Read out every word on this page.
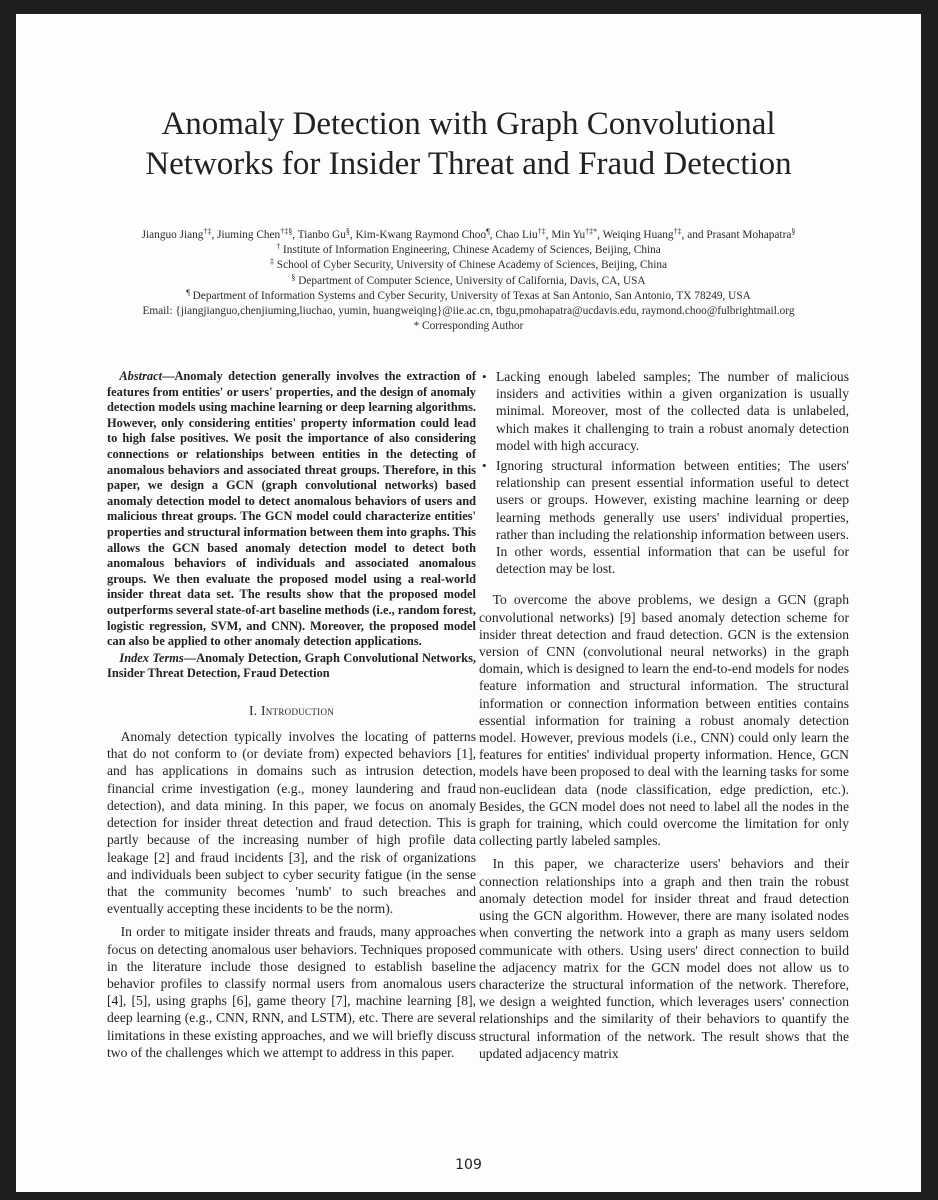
Anomaly Detection with Graph Convolutional
Networks for Insider Threat and Fraud Detection
Jianguo Jiang†‡, Jiuming Chen†‡§, Tianbo Gu§, Kim-Kwang Raymond Choo¶, Chao Liu†‡, Min Yu†‡*, Weiqing Huang†‡, and Prasant Mohapatra§
† Institute of Information Engineering, Chinese Academy of Sciences, Beijing, China
‡ School of Cyber Security, University of Chinese Academy of Sciences, Beijing, China
§ Department of Computer Science, University of California, Davis, CA, USA
¶ Department of Information Systems and Cyber Security, University of Texas at San Antonio, San Antonio, TX 78249, USA
Email: {jiangjianguo,chenjiuming,liuchao, yumin, huangweiqing}@iie.ac.cn, tbgu,pmohapatra@ucdavis.edu, raymond.choo@fulbrightmail.org
* Corresponding Author

Abstract—Anomaly detection generally involves the extraction of features from entities' or users' properties, and the design of anomaly detection models using machine learning or deep learning algorithms. However, only considering entities' property information could lead to high false positives. We posit the importance of also considering connections or relationships between entities in the detecting of anomalous behaviors and associated threat groups. Therefore, in this paper, we design a GCN (graph convolutional networks) based anomaly detection model to detect anomalous behaviors of users and malicious threat groups. The GCN model could characterize entities' properties and structural information between them into graphs. This allows the GCN based anomaly detection model to detect both anomalous behaviors of individuals and associated anomalous groups. We then evaluate the proposed model using a real-world insider threat data set. The results show that the proposed model outperforms several state-of-art baseline methods (i.e., random forest, logistic regression, SVM, and CNN). Moreover, the proposed model can also be applied to other anomaly detection applications.

Index Terms—Anomaly Detection, Graph Convolutional Networks, Insider Threat Detection, Fraud Detection

I. Introduction

Anomaly detection typically involves the locating of patterns that do not conform to (or deviate from) expected behaviors [1], and has applications in domains such as intrusion detection, financial crime investigation (e.g., money laundering and fraud detection), and data mining. In this paper, we focus on anomaly detection for insider threat detection and fraud detection. This is partly because of the increasing number of high profile data leakage [2] and fraud incidents [3], and the risk of organizations and individuals been subject to cyber security fatigue (in the sense that the community becomes 'numb' to such breaches and eventually accepting these incidents to be the norm).

In order to mitigate insider threats and frauds, many approaches focus on detecting anomalous user behaviors. Techniques proposed in the literature include those designed to establish baseline behavior profiles to classify normal users from anomalous users [4], [5], using graphs [6], game theory [7], machine learning [8], deep learning (e.g., CNN, RNN, and LSTM), etc. There are several limitations in these existing approaches, and we will briefly discuss two of the challenges which we attempt to address in this paper.

• Lacking enough labeled samples; The number of malicious insiders and activities within a given organization is usually minimal. Moreover, most of the collected data is unlabeled, which makes it challenging to train a robust anomaly detection model with high accuracy.
• Ignoring structural information between entities; The users' relationship can present essential information useful to detect users or groups. However, existing machine learning or deep learning methods generally use users' individual properties, rather than including the relationship information between users. In other words, essential information that can be useful for detection may be lost.

To overcome the above problems, we design a GCN (graph convolutional networks) [9] based anomaly detection scheme for insider threat detection and fraud detection. GCN is the extension version of CNN (convolutional neural networks) in the graph domain, which is designed to learn the end-to-end models for nodes feature information and structural information. The structural information or connection information between entities contains essential information for training a robust anomaly detection model. However, previous models (i.e., CNN) could only learn the features for entities' individual property information. Hence, GCN models have been proposed to deal with the learning tasks for some non-euclidean data (node classification, edge prediction, etc.). Besides, the GCN model does not need to label all the nodes in the graph for training, which could overcome the limitation for only collecting partly labeled samples.

In this paper, we characterize users' behaviors and their connection relationships into a graph and then train the robust anomaly detection model for insider threat and fraud detection using the GCN algorithm. However, there are many isolated nodes when converting the network into a graph as many users seldom communicate with others. Using users' direct connection to build the adjacency matrix for the GCN model does not allow us to characterize the structural information of the network. Therefore, we design a weighted function, which leverages users' connection relationships and the similarity of their behaviors to quantify the structural information of the network. The result shows that the updated adjacency matrix

109
